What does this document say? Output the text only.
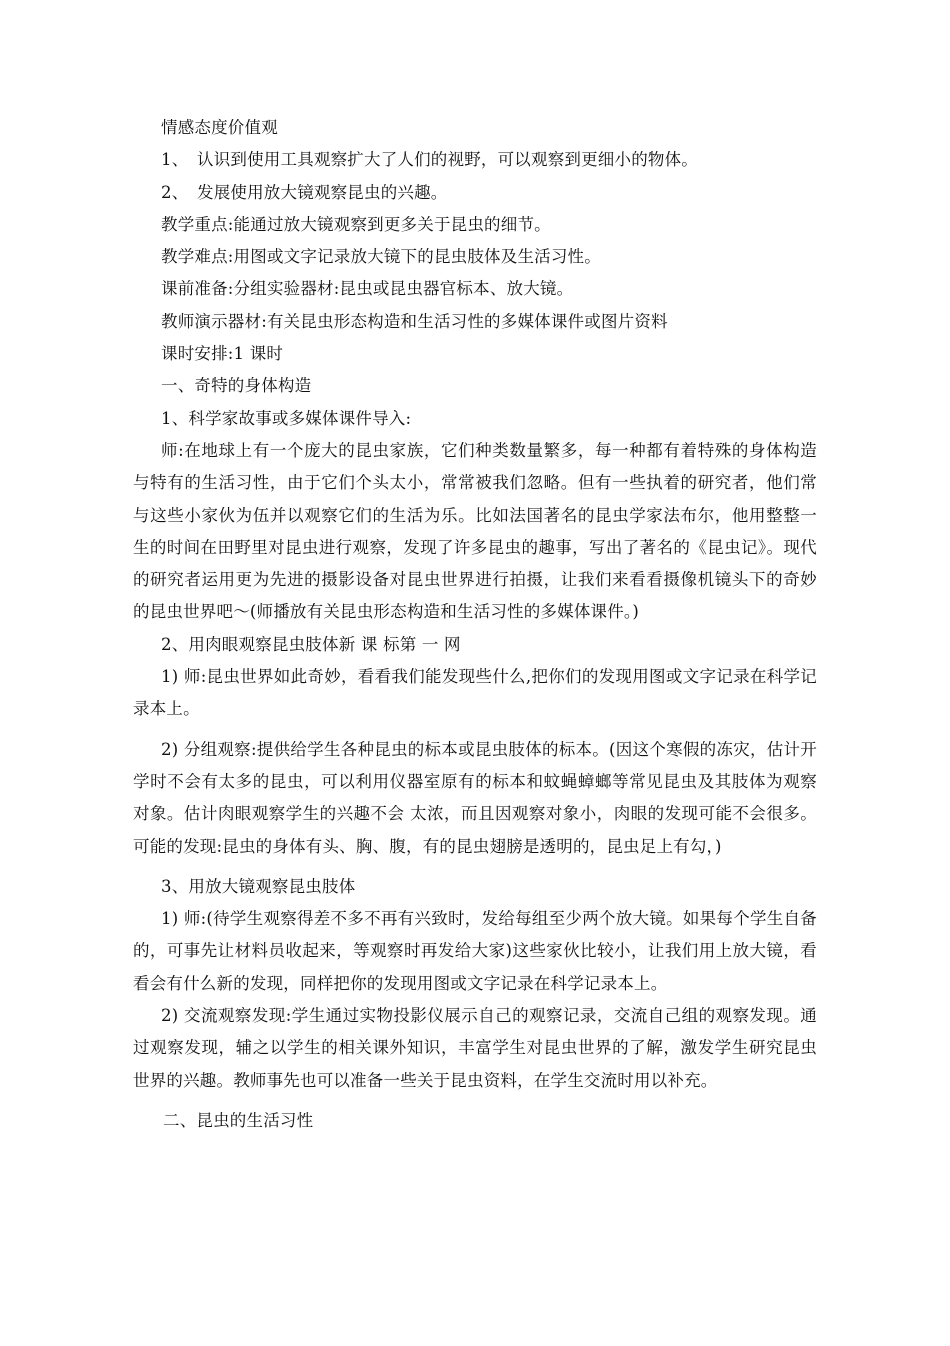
情感态度价值观

1、 认识到使用工具观察扩大了人们的视野，可以观察到更细小的物体。

2、 发展使用放大镜观察昆虫的兴趣。

教学重点:能通过放大镜观察到更多关于昆虫的细节。

教学难点:用图或文字记录放大镜下的昆虫肢体及生活习性。

课前准备:分组实验器材:昆虫或昆虫器官标本、放大镜。

教师演示器材:有关昆虫形态构造和生活习性的多媒体课件或图片资料

课时安排:1 课时

一、奇特的身体构造

1、科学家故事或多媒体课件导入:

师:在地球上有一个庞大的昆虫家族，它们种类数量繁多，每一种都有着特殊的身体构造与特有的生活习性，由于它们个头太小，常常被我们忽略。但有一些执着的研究者，他们常与这些小家伙为伍并以观察它们的生活为乐。比如法国著名的昆虫学家法布尔，他用整整一生的时间在田野里对昆虫进行观察，发现了许多昆虫的趣事，写出了著名的《昆虫记》。现代的研究者运用更为先进的摄影设备对昆虫世界进行拍摄，让我们来看看摄像机镜头下的奇妙的昆虫世界吧～(师播放有关昆虫形态构造和生活习性的多媒体课件。)

2、用肉眼观察昆虫肢体新 课 标第 一 网

1) 师:昆虫世界如此奇妙，看看我们能发现些什么,把你们的发现用图或文字记录在科学记录本上。

2) 分组观察:提供给学生各种昆虫的标本或昆虫肢体的标本。(因这个寒假的冻灾，估计开学时不会有太多的昆虫，可以利用仪器室原有的标本和蚊蝇蟑螂等常见昆虫及其肢体为观察对象。估计肉眼观察学生的兴趣不会 太浓，而且因观察对象小，肉眼的发现可能不会很多。可能的发现:昆虫的身体有头、胸、腹，有的昆虫翅膀是透明的，昆虫足上有勾，)

3、用放大镜观察昆虫肢体

1) 师:(待学生观察得差不多不再有兴致时，发给每组至少两个放大镜。如果每个学生自备的，可事先让材料员收起来，等观察时再发给大家)这些家伙比较小，让我们用上放大镜，看看会有什么新的发现，同样把你的发现用图或文字记录在科学记录本上。

2) 交流观察发现:学生通过实物投影仪展示自己的观察记录，交流自己组的观察发现。通过观察发现，辅之以学生的相关课外知识，丰富学生对昆虫世界的了解，激发学生研究昆虫世界的兴趣。教师事先也可以准备一些关于昆虫资料，在学生交流时用以补充。

二、昆虫的生活习性
